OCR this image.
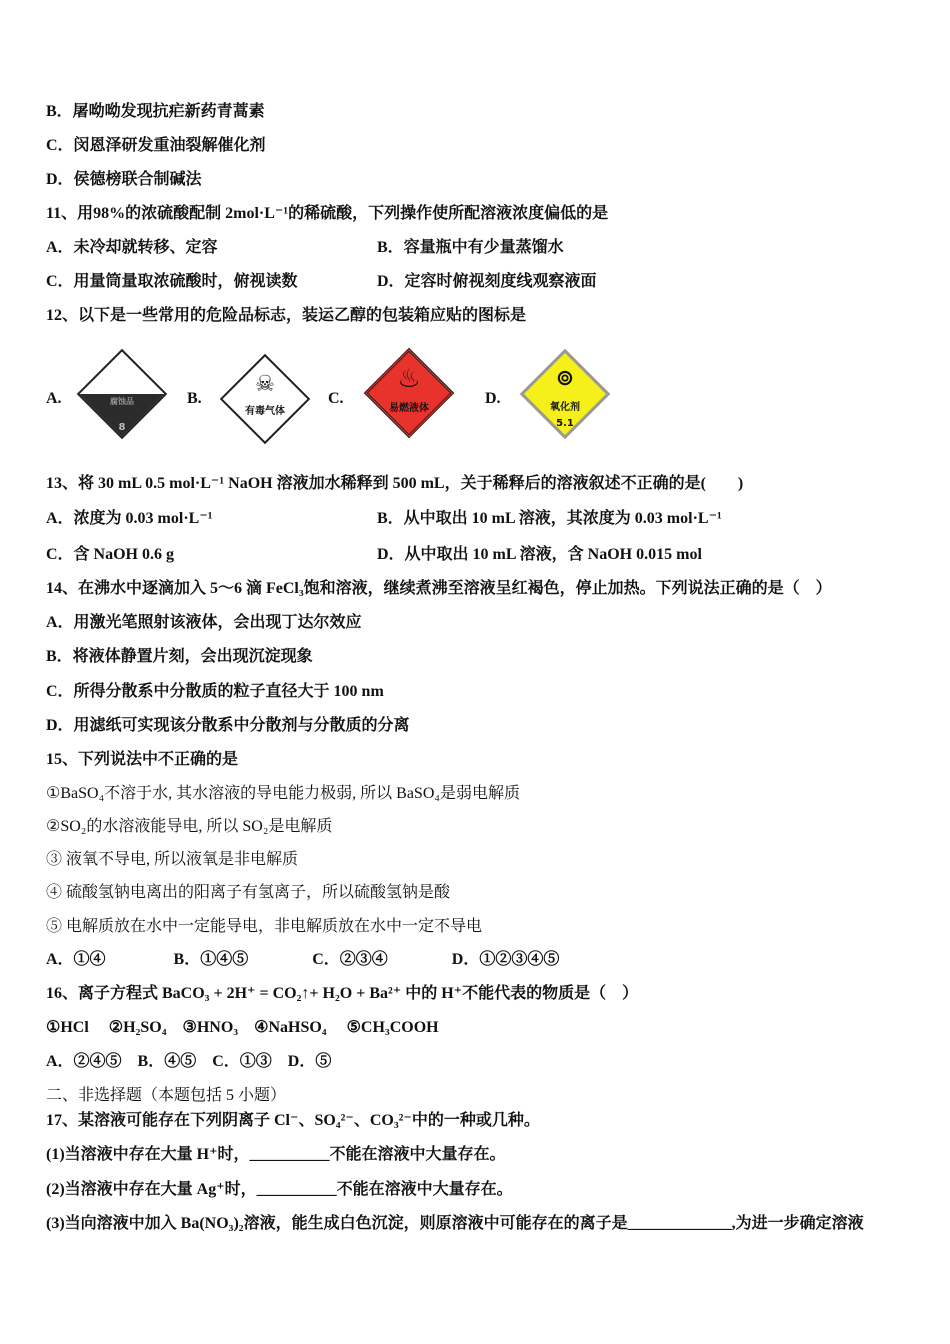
B．屠呦呦发现抗疟新药青蒿素
C．闵恩泽研发重油裂解催化剂
D．侯德榜联合制碱法
11、用98%的浓硫酸配制 2mol·L⁻¹的稀硫酸，下列操作使所配溶液浓度偏低的是
A．未冷却就转移、定容	B．容量瓶中有少量蒸馏水
C．用量筒量取浓硫酸时，俯视读数	D．定容时俯视刻度线观察液面
12、以下是一些常用的危险品标志，装运乙醇的包装箱应贴的图标是
13、将 30 mL 0.5 mol·L⁻¹ NaOH 溶液加水稀释到 500 mL，关于稀释后的溶液叙述不正确的是(　　)
A．浓度为 0.03 mol·L⁻¹	B．从中取出 10 mL 溶液，其浓度为 0.03 mol·L⁻¹
C．含 NaOH 0.6 g	D．从中取出 10 mL 溶液，含 NaOH 0.015 mol
14、在沸水中逐滴加入 5～6 滴 FeCl₃饱和溶液，继续煮沸至溶液呈红褐色，停止加热。下列说法正确的是（　）
A．用激光笔照射该液体，会出现丁达尔效应
B．将液体静置片刻，会出现沉淀现象
C．所得分散系中分散质的粒子直径大于 100 nm
D．用滤纸可实现该分散系中分散剂与分散质的分离
15、下列说法中不正确的是
①BaSO₄不溶于水, 其水溶液的导电能力极弱, 所以 BaSO₄是弱电解质
②SO₂的水溶液能导电, 所以 SO₂是电解质
③ 液氧不导电, 所以液氧是非电解质
④ 硫酸氢钠电离出的阳离子有氢离子，所以硫酸氢钠是酸
⑤ 电解质放在水中一定能导电，非电解质放在水中一定不导电
A．①④　　　　 B．①④⑤　　　　C．②③④　　　　D．①②③④⑤
16、离子方程式 BaCO₃ + 2H⁺ = CO₂↑+ H₂O + Ba²⁺ 中的 H⁺不能代表的物质是（　）
①HCl　 ②H₂SO₄　③HNO₃　④NaHSO₄　 ⑤CH₃COOH
A．②④⑤　B．④⑤　C．①③　D．⑤
二、非选择题（本题包括 5 小题）
17、某溶液可能存在下列阴离子 Cl⁻、SO₄²⁻、CO₃²⁻中的一种或几种。
(1)当溶液中存在大量 H⁺时，__________不能在溶液中大量存在。
(2)当溶液中存在大量 Ag⁺时，__________不能在溶液中大量存在。
(3)当向溶液中加入 Ba(NO₃)₂溶液，能生成白色沉淀，则原溶液中可能存在的离子是_____________,为进一步确定溶液
A.
8
腐蚀品	B.
☠
有毒气体
C.
♨
易燃液体
D.
⊚
氧化剂
5.1
